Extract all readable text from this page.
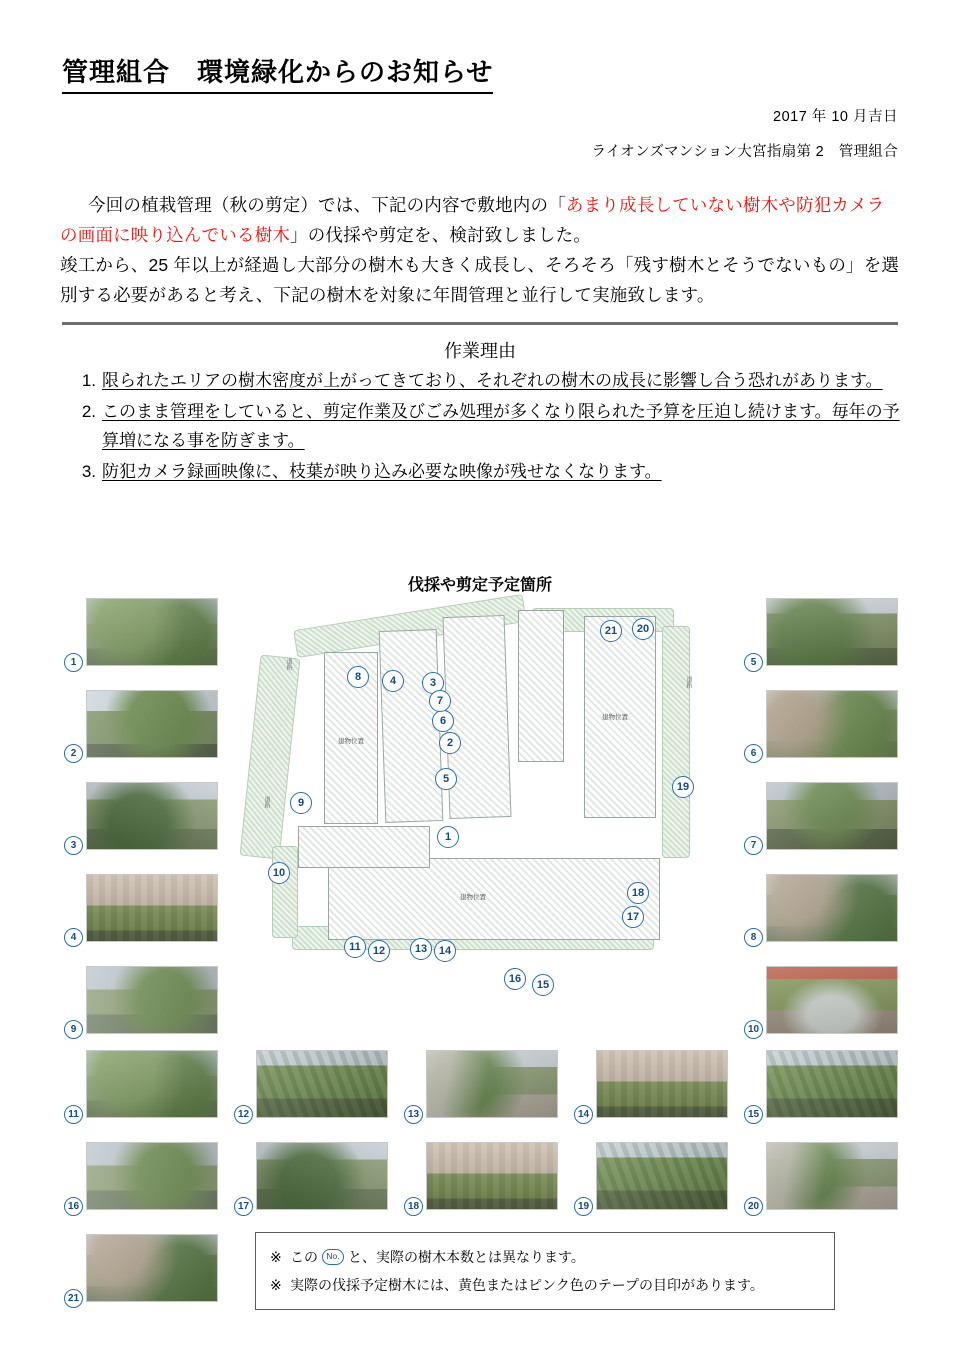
管理組合　環境緑化からのお知らせ
2017 年 10 月吉日
ライオンズマンション大宮指扇第 2　管理組合
今回の植栽管理（秋の剪定）では、下記の内容で敷地内の「あまり成長していない樹木や防犯カメラの画面に映り込んでいる樹木」の伐採や剪定を、検討致しました。
竣工から、25 年以上が経過し大部分の樹木も大きく成長し、そろそろ「残す樹木とそうでないもの」を選別する必要があると考え、下記の樹木を対象に年間管理と並行して実施致します。
作業理由
1. 限られたエリアの樹木密度が上がってきており、それぞれの樹木の成長に影響し合う恐れがあります。
2. このまま管理をしていると、剪定作業及びごみ処理が多くなり限られた予算を圧迫し続けます。毎年の予算増になる事を防ぎます。
3. 防犯カメラ録画映像に、枝葉が映り込み必要な映像が残せなくなります。
伐採や剪定予定箇所
建物位置
建物位置
建物位置
道路
道路
道路
1
2
3
4
5
6
7
8
9
10
11	12	13	14
15
16
17
18
19
20
21
1
2
3
4
9
5
6
7
8
10
11	12	13	14	15
16	17	18	19	20
21
※ この No. と、実際の樹木本数とは異なります。
※ 実際の伐採予定樹木には、黄色またはピンク色のテープの目印があります。
